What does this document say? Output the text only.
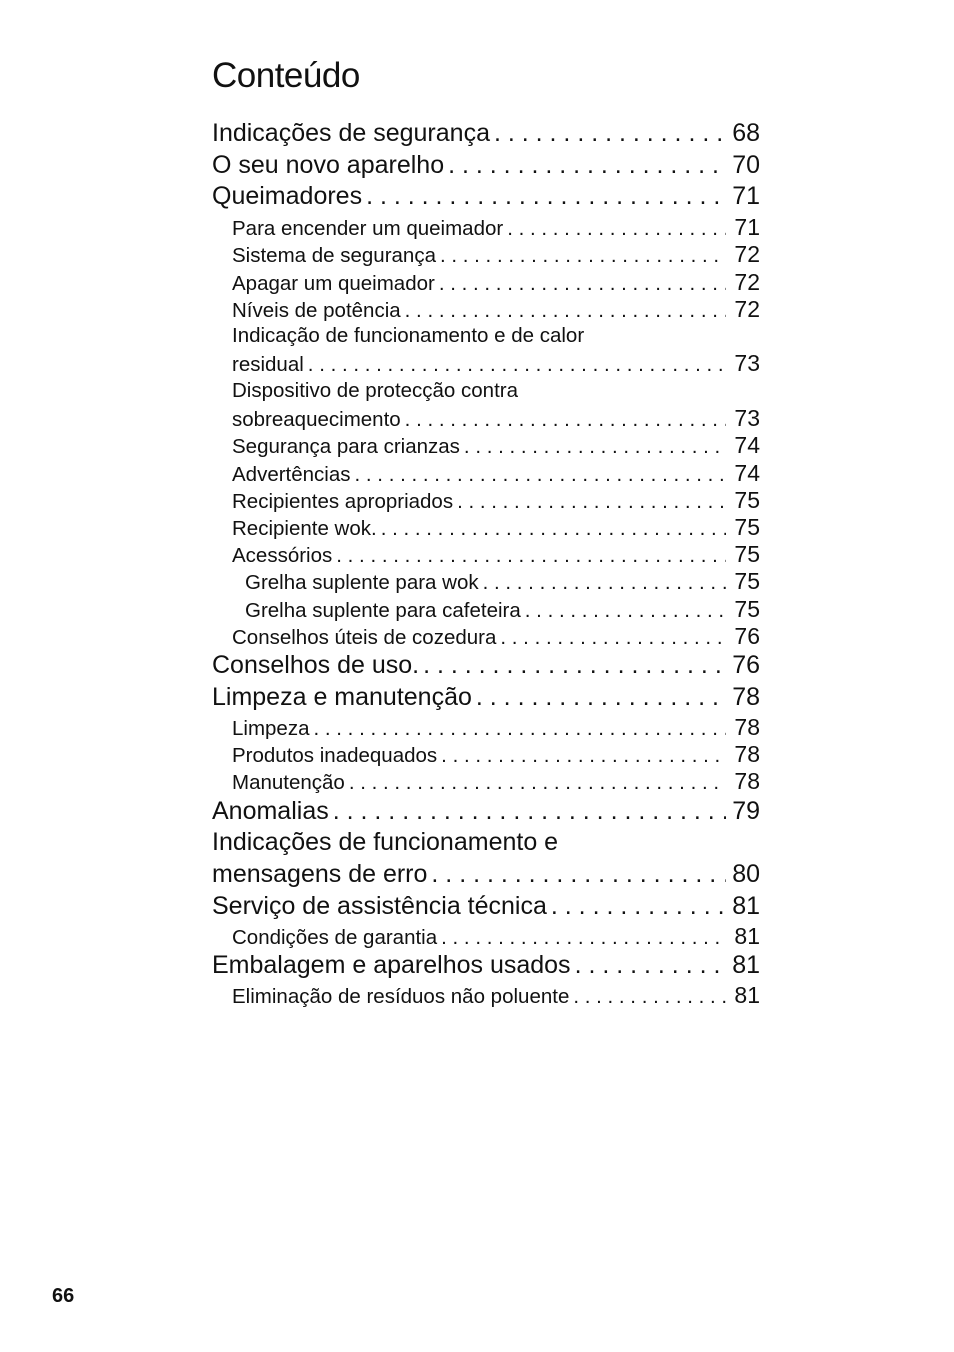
Conteúdo
Indicações de segurança . . .	68
O seu novo aparelho . . .	70
Queimadores . . .	71
Para encender um queimador . . .	71
Sistema de segurança . . .	72
Apagar um queimador . . .	72
Níveis de potência . . .	72
Indicação de funcionamento e de calor
residual . . .	73
Dispositivo de protecção contra
sobreaquecimento . . .	73
Segurança para crianzas . . .	74
Advertências . . .	74
Recipientes apropriados . . .	75
Recipiente wok. . . .	75
Acessórios . . .	75
Grelha suplente para wok . . .	75
Grelha suplente para cafeteira . . .	75
Conselhos úteis de cozedura . . .	76
Conselhos de uso. . . .	76
Limpeza e manutenção . . .	78
Limpeza . . .	78
Produtos inadequados . . .	78
Manutenção . . .	78
Anomalias . . .	79
Indicações de funcionamento e
mensagens de erro . . .	80
Serviço de assistência técnica . . .	81
Condições de garantia . . .	81
Embalagem e aparelhos usados . . .	81
Eliminação de resíduos não poluente . . .	81
66
